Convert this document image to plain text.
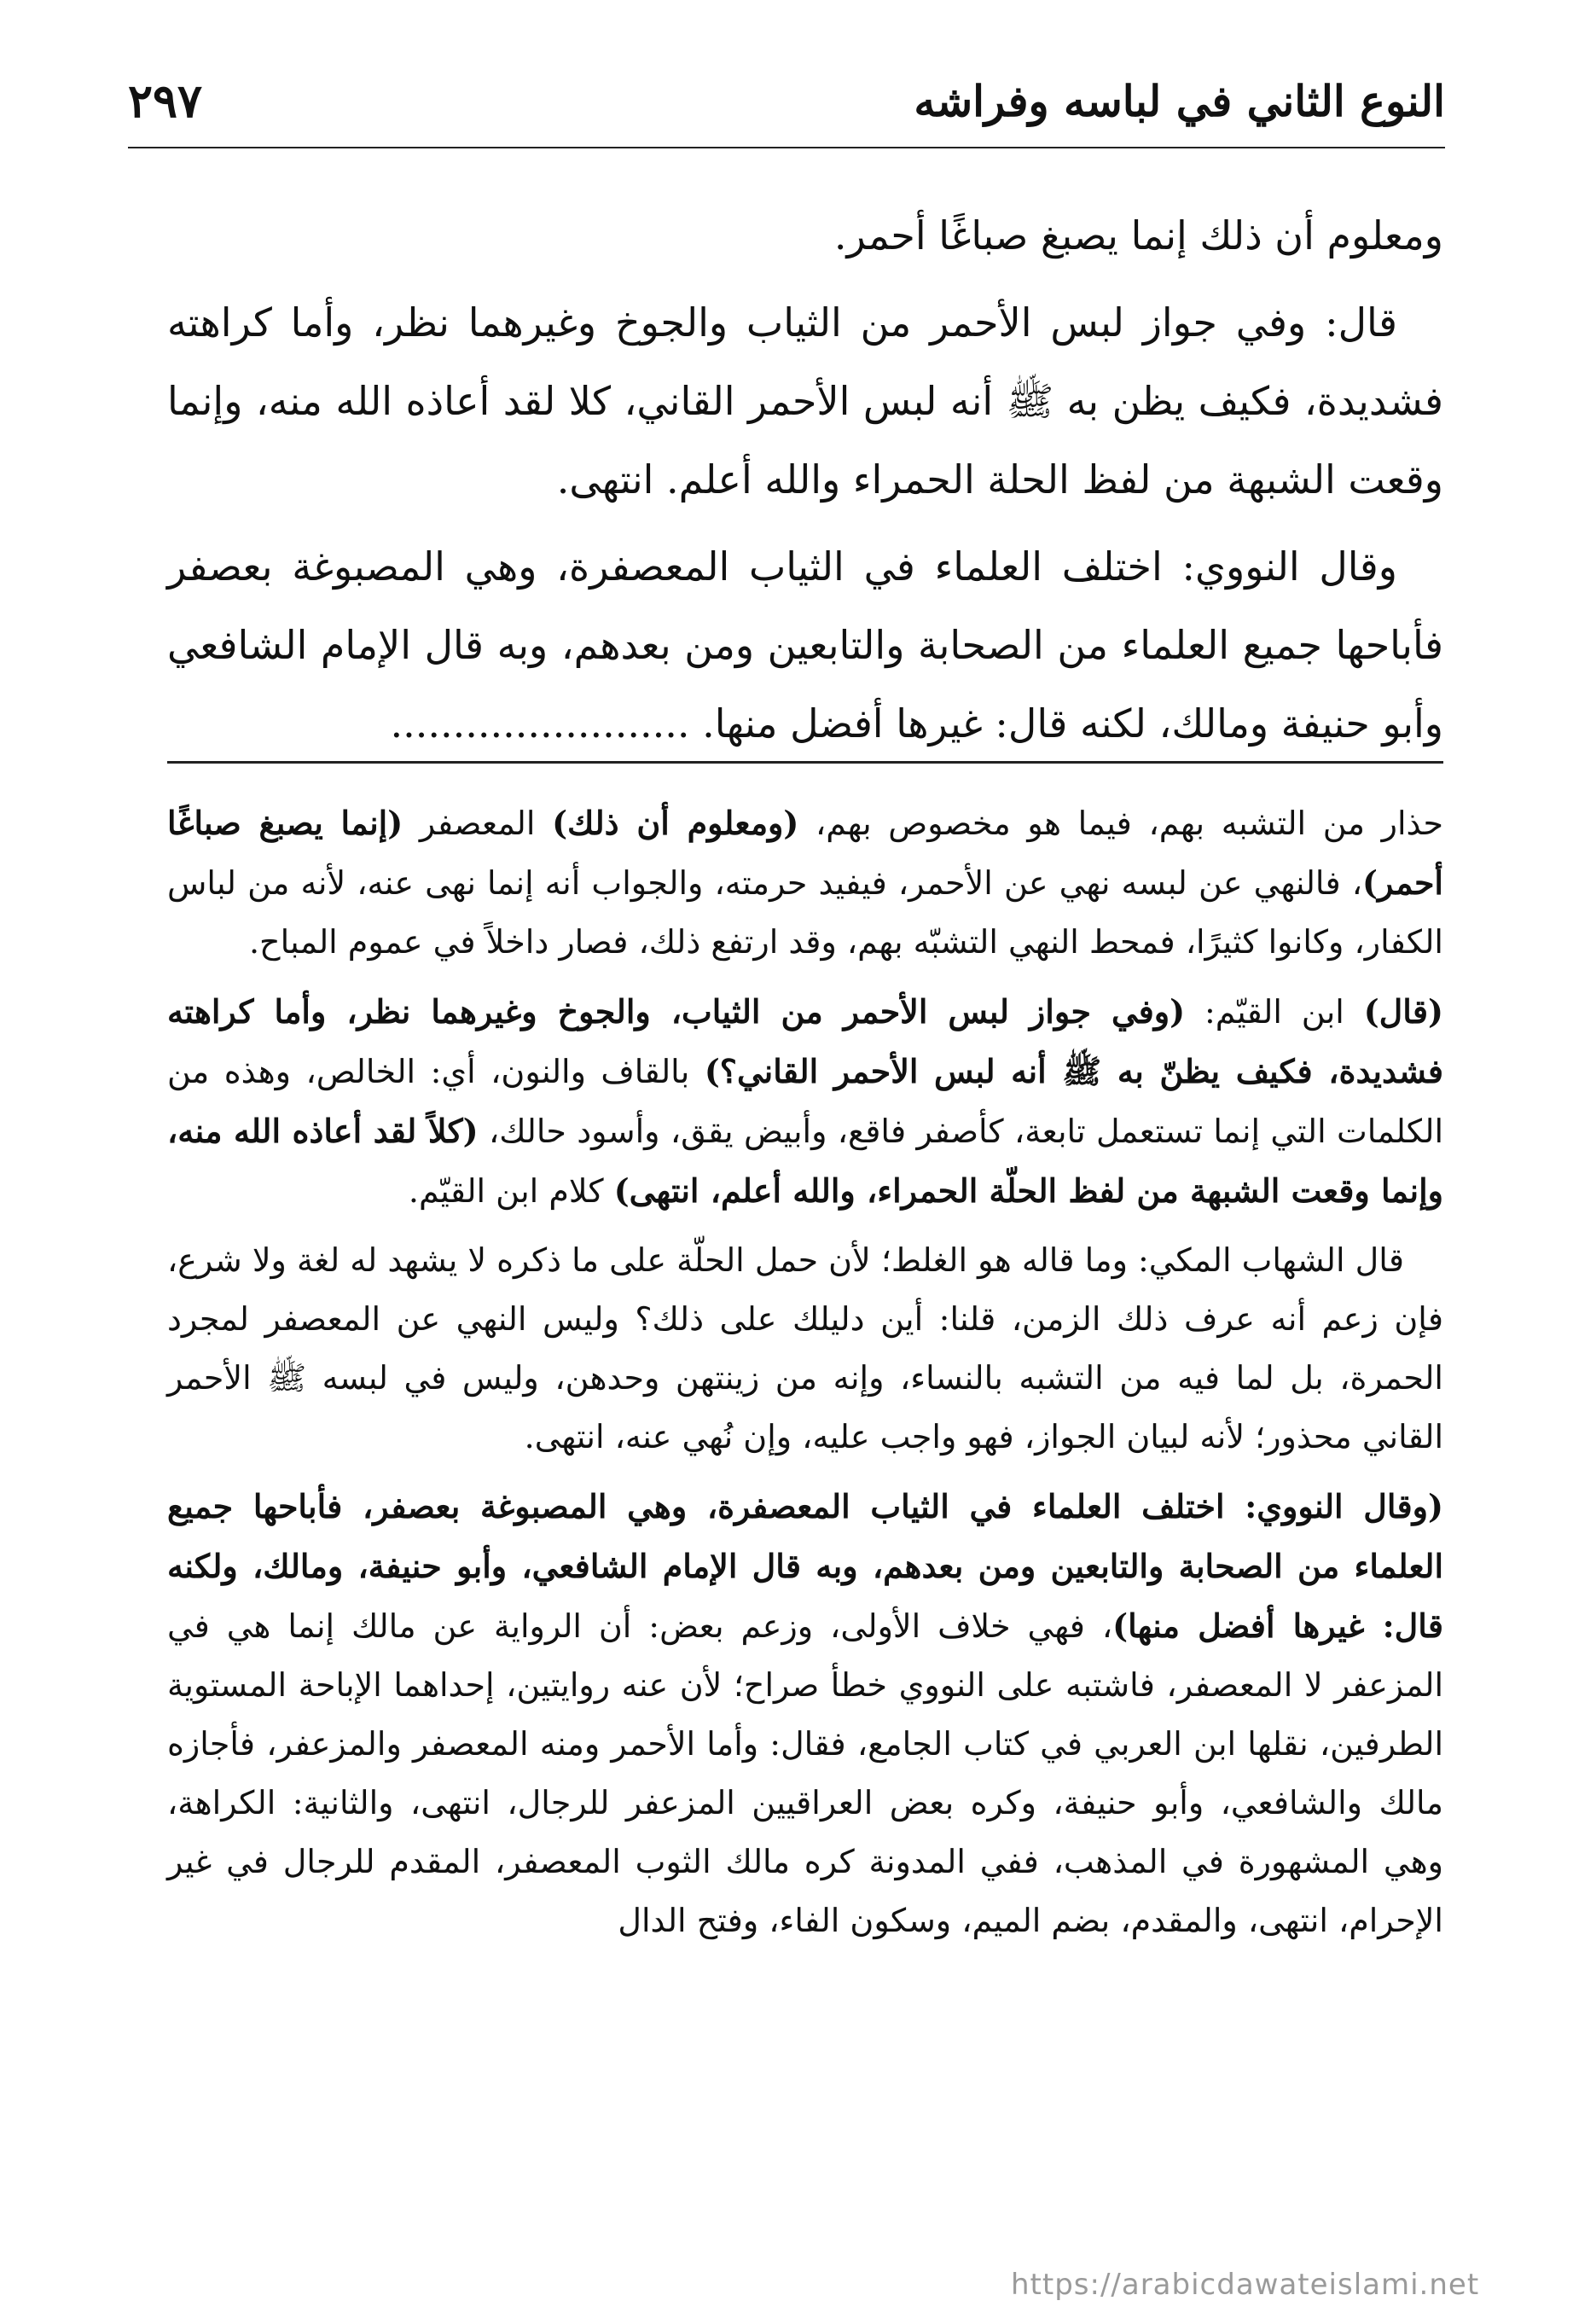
٢٩٧	النوع الثاني في لباسه وفراشه

ومعلوم أن ذلك إنما يصبغ صباغًا أحمر.

قال: وفي جواز لبس الأحمر من الثياب والجوخ وغيرهما نظر، وأما كراهته فشديدة، فكيف يظن به ﷺ أنه لبس الأحمر القاني، كلا لقد أعاذه الله منه، وإنما وقعت الشبهة من لفظ الحلة الحمراء والله أعلم. انتهى.

وقال النووي: اختلف العلماء في الثياب المعصفرة، وهي المصبوغة بعصفر فأباحها جميع العلماء من الصحابة والتابعين ومن بعدهم، وبه قال الإمام الشافعي وأبو حنيفة ومالك، لكنه قال: غيرها أفضل منها. ........................

حذار من التشبه بهم، فيما هو مخصوص بهم، (ومعلوم أن ذلك) المعصفر (إنما يصبغ صباغًا أحمر)، فالنهي عن لبسه نهي عن الأحمر، فيفيد حرمته، والجواب أنه إنما نهى عنه، لأنه من لباس الكفار، وكانوا كثيرًا، فمحط النهي التشبّه بهم، وقد ارتفع ذلك، فصار داخلاً في عموم المباح.

(قال) ابن القيّم: (وفي جواز لبس الأحمر من الثياب، والجوخ وغيرهما نظر، وأما كراهته فشديدة، فكيف يظنّ به ﷺ أنه لبس الأحمر القاني؟) بالقاف والنون، أي: الخالص، وهذه من الكلمات التي إنما تستعمل تابعة، كأصفر فاقع، وأبيض يقق، وأسود حالك، (كلاً لقد أعاذه الله منه، وإنما وقعت الشبهة من لفظ الحلّة الحمراء، والله أعلم، انتهى) كلام ابن القيّم.

قال الشهاب المكي: وما قاله هو الغلط؛ لأن حمل الحلّة على ما ذكره لا يشهد له لغة ولا شرع، فإن زعم أنه عرف ذلك الزمن، قلنا: أين دليلك على ذلك؟ وليس النهي عن المعصفر لمجرد الحمرة، بل لما فيه من التشبه بالنساء، وإنه من زينتهن وحدهن، وليس في لبسه ﷺ الأحمر القاني محذور؛ لأنه لبيان الجواز، فهو واجب عليه، وإن نُهي عنه، انتهى.

(وقال النووي: اختلف العلماء في الثياب المعصفرة، وهي المصبوغة بعصفر، فأباحها جميع العلماء من الصحابة والتابعين ومن بعدهم، وبه قال الإمام الشافعي، وأبو حنيفة، ومالك، ولكنه قال: غيرها أفضل منها)، فهي خلاف الأولى، وزعم بعض: أن الرواية عن مالك إنما هي في المزعفر لا المعصفر، فاشتبه على النووي خطأ صراح؛ لأن عنه روايتين، إحداهما الإباحة المستوية الطرفين، نقلها ابن العربي في كتاب الجامع، فقال: وأما الأحمر ومنه المعصفر والمزعفر، فأجازه مالك والشافعي، وأبو حنيفة، وكره بعض العراقيين المزعفر للرجال، انتهى، والثانية: الكراهة، وهي المشهورة في المذهب، ففي المدونة كره مالك الثوب المعصفر، المقدم للرجال في غير الإحرام، انتهى، والمقدم، بضم الميم، وسكون الفاء، وفتح الدال

https://arabicdawateislami.net
